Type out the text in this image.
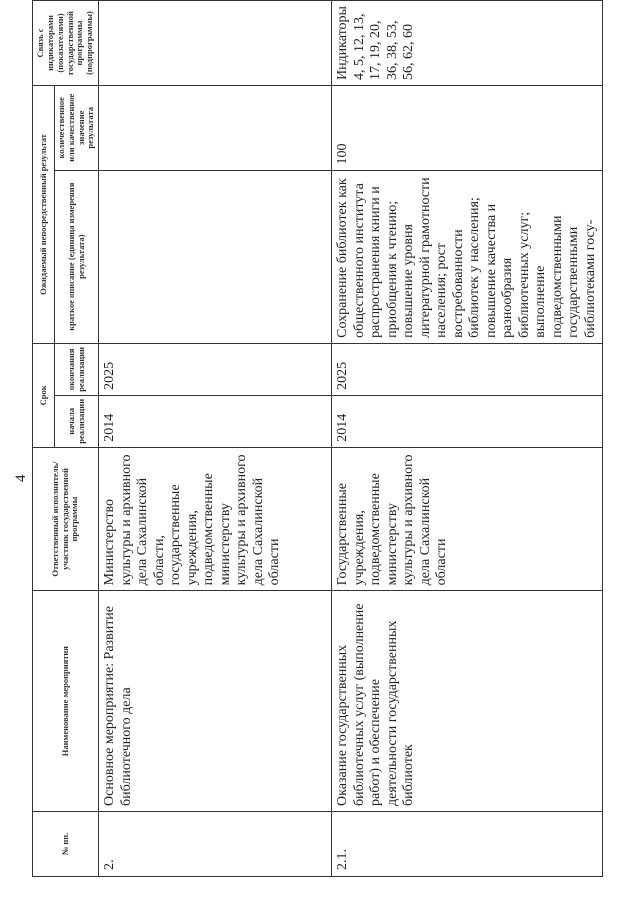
4
№ пп.	Наименование мероприятия	Ответственный исполнитель/участник государственной программы	Срок		Ожидаемый непосредственный результат		Связь с индикаторами (показателями) государственной программы (подпрограммы)
			начала реализации	окончания реализации	краткое описание (единица измерения результата)	количественное или качественное значение результата	
2.	Основное мероприятие: Развитие библиотечного дела	Министерство культуры и архивного дела Сахалинской области, государственные учреждения, подведомственные министерству культуры и архивного дела Сахалинской области	2014	2025			
2.1.	Оказание государственных библиотечных услуг (выполнение работ) и обеспечение деятельности государственных библиотек	Государственные учреждения, подведомственные министерству культуры и архивного дела Сахалинской области	2014	2025	Сохранение библиотек как общественного института распространения книги и приобщения к чтению; повышение уровня литературной грамотности населения; рост востребованности библиотек у населения; повышение качества и разнообразия библиотечных услуг; выполнение подведомственными государственными библиотеками госу-	100	Индикаторы 4, 5, 12, 13, 17, 19, 20, 36, 38, 53, 56, 62, 60
